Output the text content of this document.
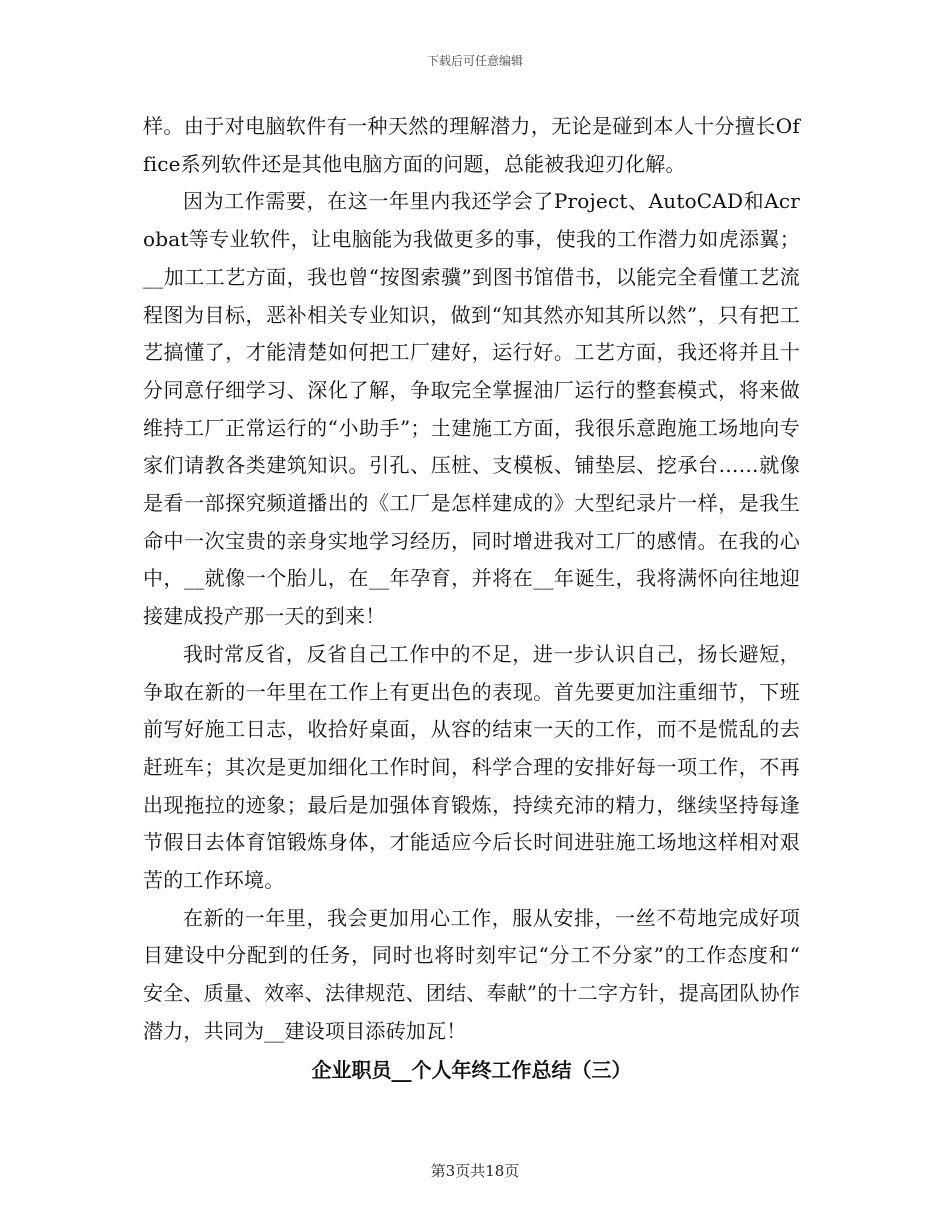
下载后可任意编辑

样。由于对电脑软件有一种天然的理解潜力，无论是碰到本人十分擅长Office系列软件还是其他电脑方面的问题，总能被我迎刃化解。

因为工作需要，在这一年里内我还学会了Project、AutoCAD和Acrobat等专业软件，让电脑能为我做更多的事，使我的工作潜力如虎添翼；__加工工艺方面，我也曾“按图索骥”到图书馆借书，以能完全看懂工艺流程图为目标，恶补相关专业知识，做到“知其然亦知其所以然”，只有把工艺搞懂了，才能清楚如何把工厂建好，运行好。工艺方面，我还将并且十分同意仔细学习、深化了解，争取完全掌握油厂运行的整套模式，将来做维持工厂正常运行的“小助手”；土建施工方面，我很乐意跑施工场地向专家们请教各类建筑知识。引孔、压桩、支模板、铺垫层、挖承台……就像是看一部探究频道播出的《工厂是怎样建成的》大型纪录片一样，是我生命中一次宝贵的亲身实地学习经历，同时增进我对工厂的感情。在我的心中，__就像一个胎儿，在__年孕育，并将在__年诞生，我将满怀向往地迎接建成投产那一天的到来！

我时常反省，反省自己工作中的不足，进一步认识自己，扬长避短，争取在新的一年里在工作上有更出色的表现。首先要更加注重细节，下班前写好施工日志，收拾好桌面，从容的结束一天的工作，而不是慌乱的去赶班车；其次是更加细化工作时间，科学合理的安排好每一项工作，不再出现拖拉的迹象；最后是加强体育锻炼，持续充沛的精力，继续坚持每逢节假日去体育馆锻炼身体，才能适应今后长时间进驻施工场地这样相对艰苦的工作环境。

在新的一年里，我会更加用心工作，服从安排，一丝不苟地完成好项目建设中分配到的任务，同时也将时刻牢记“分工不分家”的工作态度和“安全、质量、效率、法律规范、团结、奉献”的十二字方针，提高团队协作潜力，共同为__建设项目添砖加瓦！

企业职员__个人年终工作总结（三）
第3页共18页
